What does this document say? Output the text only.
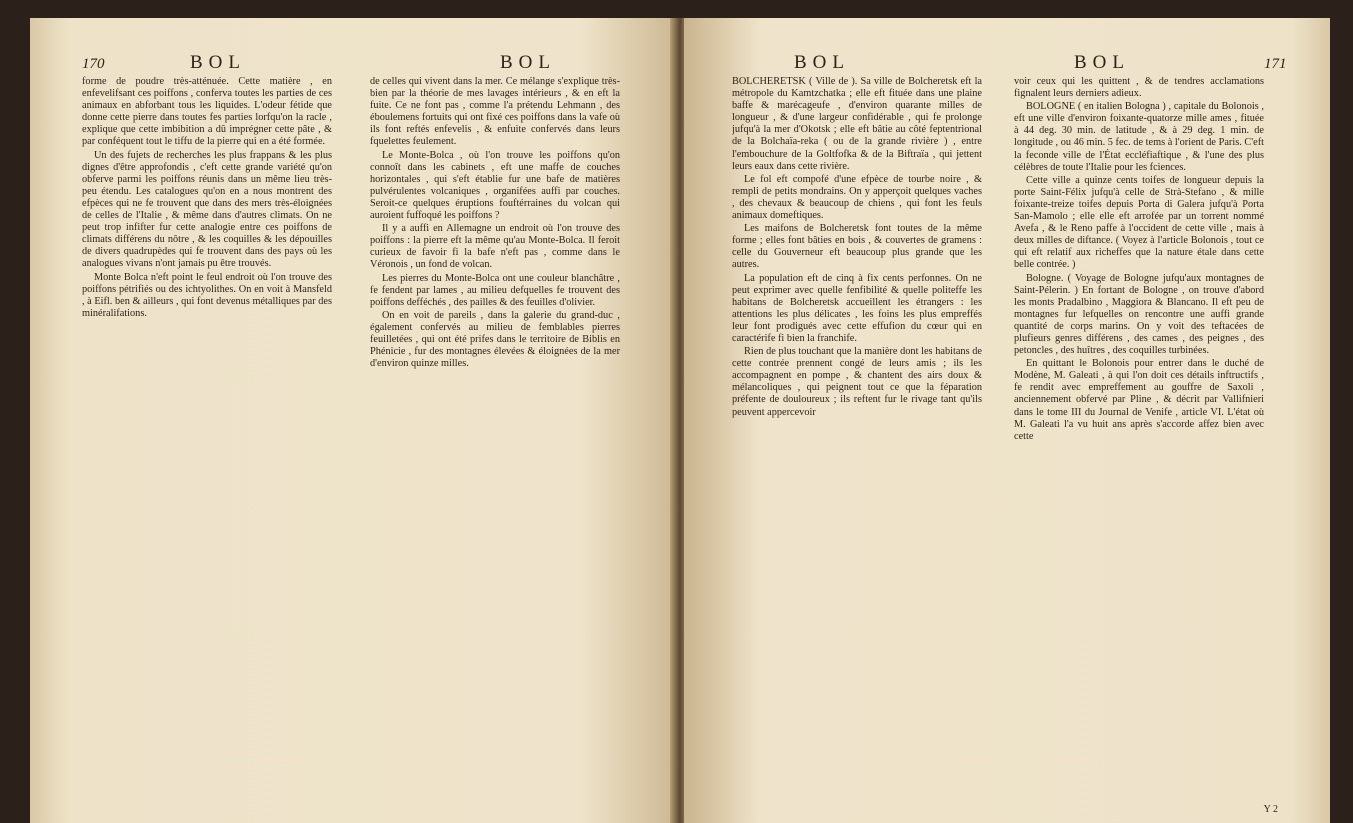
170	BOL	BOL

forme de poudre très-atténuée. Cette matière , en enfevelifsant ces poiffons , conferva toutes les parties de ces animaux en abforbant tous les liquides. L'odeur fétide que donne cette pierre dans toutes fes parties lorfqu'on la racle , explique que cette imbibition a dû imprégner cette pâte , & par conféquent tout le tiffu de la pierre qui en a été formée.

Un des fujets de recherches les plus frappans & les plus dignes d'être approfondis , c'eft cette grande variété qu'on obferve parmi les poiffons réunis dans un même lieu très-peu étendu. Les catalogues qu'on en a nous montrent des efpèces qui ne fe trouvent que dans des mers très-éloignées de celles de l'Italie , & même dans d'autres climats. On ne peut trop infifter fur cette analogie entre ces poiffons de climats différens du nôtre , & les coquilles & les dépouilles de divers quadrupèdes qui fe trouvent dans des pays où les analogues vivans n'ont jamais pu être trouvés.

Monte Bolca n'eft point le feul endroit où l'on trouve des poiffons pétrifiés ou des ichtyolithes. On en voit à Mansfeld , à Eifl. ben & ailleurs , qui font devenus métalliques par des minéralifations.

de celles qui vivent dans la mer. Ce mélange s'explique très-bien par la théorie de mes lavages intérieurs , & en eft la fuite. Ce ne font pas , comme l'a prétendu Lehmann , des éboulemens fortuits qui ont fixé ces poiffons dans la vafe où ils font reftés enfevelis , & enfuite confervés dans leurs fquelettes feulement.

Le Monte-Bolca , où l'on trouve les poiffons qu'on connoît dans les cabinets , eft une maffe de couches horizontales , qui s'eft établie fur une bafe de matières pulvérulentes volcaniques , organifées auffi par couches. Seroit-ce quelques éruptions fouftérraines du volcan qui auroient fuffoqué les poiffons ?

Il y a auffi en Allemagne un endroit où l'on trouve des poiffons : la pierre eft la même qu'au Monte-Bolca. Il feroit curieux de favoir fi la bafe n'eft pas , comme dans le Véronois , un fond de volcan.

Les pierres du Monte-Bolca ont une couleur blanchâtre , fe fendent par lames , au milieu defquelles fe trouvent des poiffons defféchés , des pailles & des feuilles d'olivier.

On en voit de pareils , dans la galerie du grand-duc , également confervés au milieu de femblables pierres feuilletées , qui ont été prifes dans le territoire de Biblis en Phénicie , fur des montagnes élevées & éloignées de la mer d'environ quinze milles.

BOL	BOL	171

BOLCHERETSK ( Ville de ). Sa ville de Bolcheretsk eft la métropole du Kamtzchatka ; elle eft fituée dans une plaine baffe & marécageufe , d'environ quarante milles de longueur , & d'une largeur confidérable , qui fe prolonge jufqu'à la mer d'Okotsk ; elle eft bâtie au côté feptentrional de la Bolchaïa-reka ( ou de la grande rivière ) , entre l'embouchure de la Goltfofka & de la Biftraïa , qui jettent leurs eaux dans cette rivière.

Le fol eft compofé d'une efpèce de tourbe noire , & rempli de petits mondrains. On y apperçoit quelques vaches , des chevaux & beaucoup de chiens , qui font les feuls animaux domeftiques.

Les maifons de Bolcheretsk font toutes de la même forme ; elles font bâties en bois , & couvertes de gramens : celle du Gouverneur eft beaucoup plus grande que les autres.

La population eft de cinq à fix cents perfonnes. On ne peut exprimer avec quelle fenfibilité & quelle politeffe les habitans de Bolcheretsk accueillent les étrangers : les attentions les plus délicates , les foins les plus empreffés leur font prodigués avec cette effufion du cœur qui en caractérife fi bien la franchife.

Rien de plus touchant que la manière dont les habitans de cette contrée prennent congé de leurs amis ; ils les accompagnent en pompe , & chantent des airs doux & mélancoliques , qui peignent tout ce que la féparation préfente de douloureux ; ils reftent fur le rivage tant qu'ils peuvent appercevoir

voir ceux qui les quittent , & de tendres acclamations fignalent leurs derniers adieux.

BOLOGNE ( en italien Bologna ) , capitale du Bolonois , eft une ville d'environ foixante-quatorze mille ames , fituée à 44 deg. 30 min. de latitude , & à 29 deg. 1 min. de longitude , ou 46 min. 5 fec. de tems à l'orient de Paris. C'eft la feconde ville de l'État eccléfiaftique , & l'une des plus célèbres de toute l'Italie pour les fciences.

Cette ville a quinze cents toifes de longueur depuis la porte Saint-Félix jufqu'à celle de Strà-Stefano , & mille foixante-treize toifes depuis Porta di Galera jufqu'à Porta San-Mamolo ; elle elle eft arrofée par un torrent nommé Avefa , & le Reno paffe à l'occident de cette ville , mais à deux milles de diftance. ( Voyez à l'article Bolonois , tout ce qui eft relatif aux richeffes que la nature étale dans cette belle contrée. )

Bologne. ( Voyage de Bologne jufqu'aux montagnes de Saint-Pélerin. ) En fortant de Bologne , on trouve d'abord les monts Pradalbino , Maggiora & Blancano. Il eft peu de montagnes fur lefquelles on rencontre une auffi grande quantité de corps marins. On y voit des teftacées de plufieurs genres différens , des cames , des peignes , des petoncles , des huîtres , des coquilles turbinées.

En quittant le Bolonois pour entrer dans le duché de Modène, M. Galeati , à qui l'on doit ces détails inftructifs , fe rendit avec empreffement au gouffre de Saxoli , anciennement obfervé par Pline , & décrit par Vallifnieri dans le tome III du Journal de Venife , article VI. L'état où M. Galeati l'a vu huit ans après s'accorde affez bien avec cette

Y 2
